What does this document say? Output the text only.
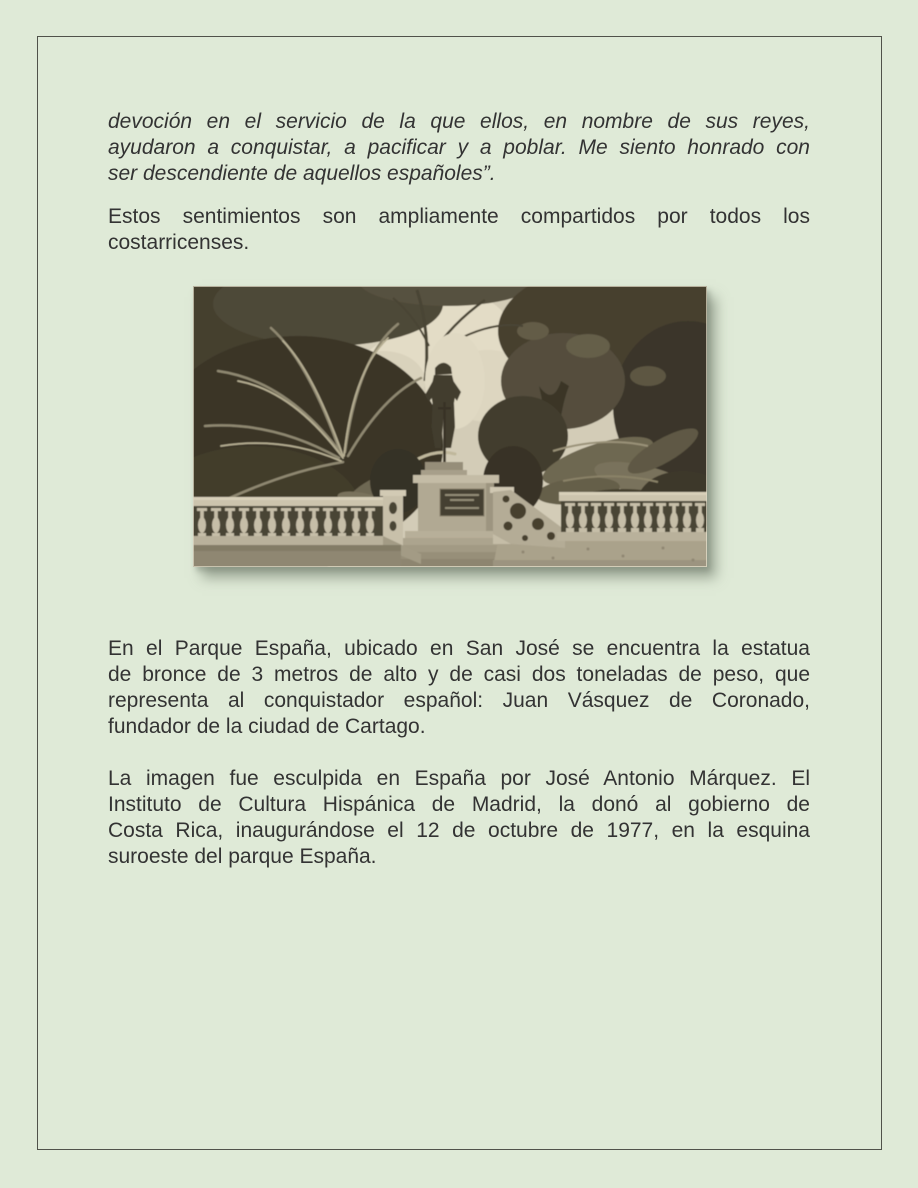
devoción en el servicio de la que ellos, en nombre de sus reyes,
ayudaron a conquistar, a pacificar y a poblar. Me siento honrado con
ser descendiente de aquellos españoles”.

Estos sentimientos son ampliamente compartidos por todos los
costarricenses.

En el Parque España, ubicado en San José se encuentra la estatua
de bronce de 3 metros de alto y de casi dos toneladas de peso, que
representa al conquistador español: Juan Vásquez de Coronado,
fundador de la ciudad de Cartago.

La imagen fue esculpida en España por José Antonio Márquez. El
Instituto de Cultura Hispánica de Madrid, la donó al gobierno de
Costa Rica, inaugurándose el 12 de octubre de 1977, en la esquina
suroeste del parque España.
